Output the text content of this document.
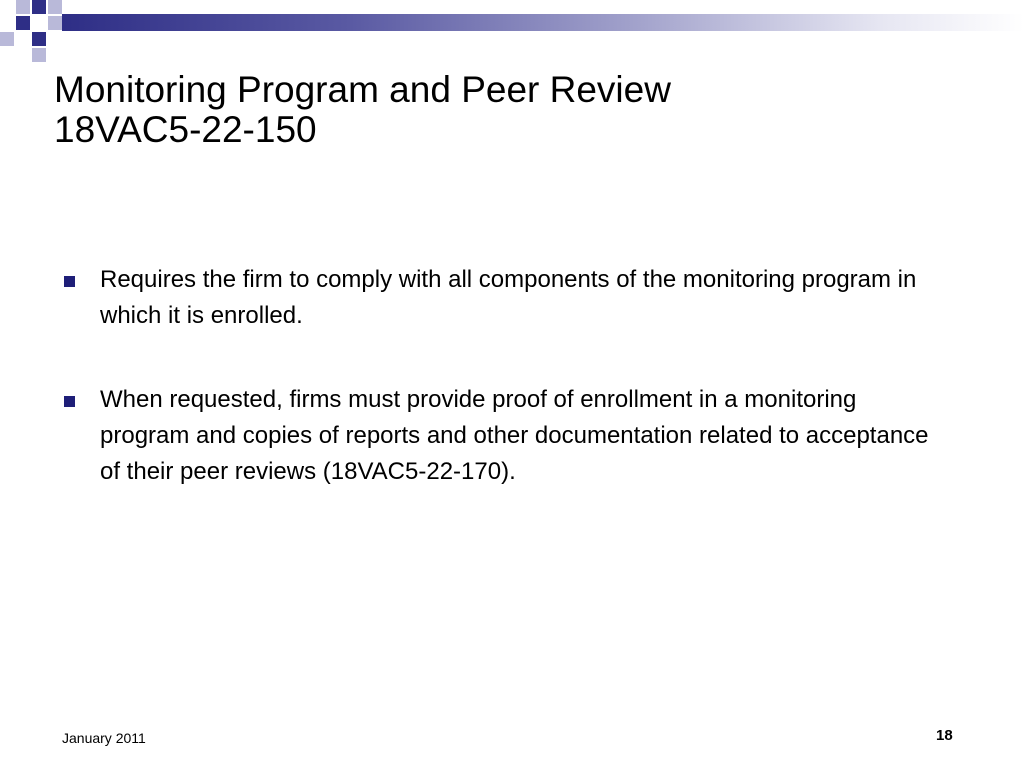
Monitoring Program and Peer Review
18VAC5-22-150
Requires the firm to comply with all components of the monitoring program in which it is enrolled.
When requested, firms must provide proof of enrollment in a monitoring program and copies of reports and other documentation related to acceptance of their peer reviews (18VAC5-22-170).
January 2011	18
